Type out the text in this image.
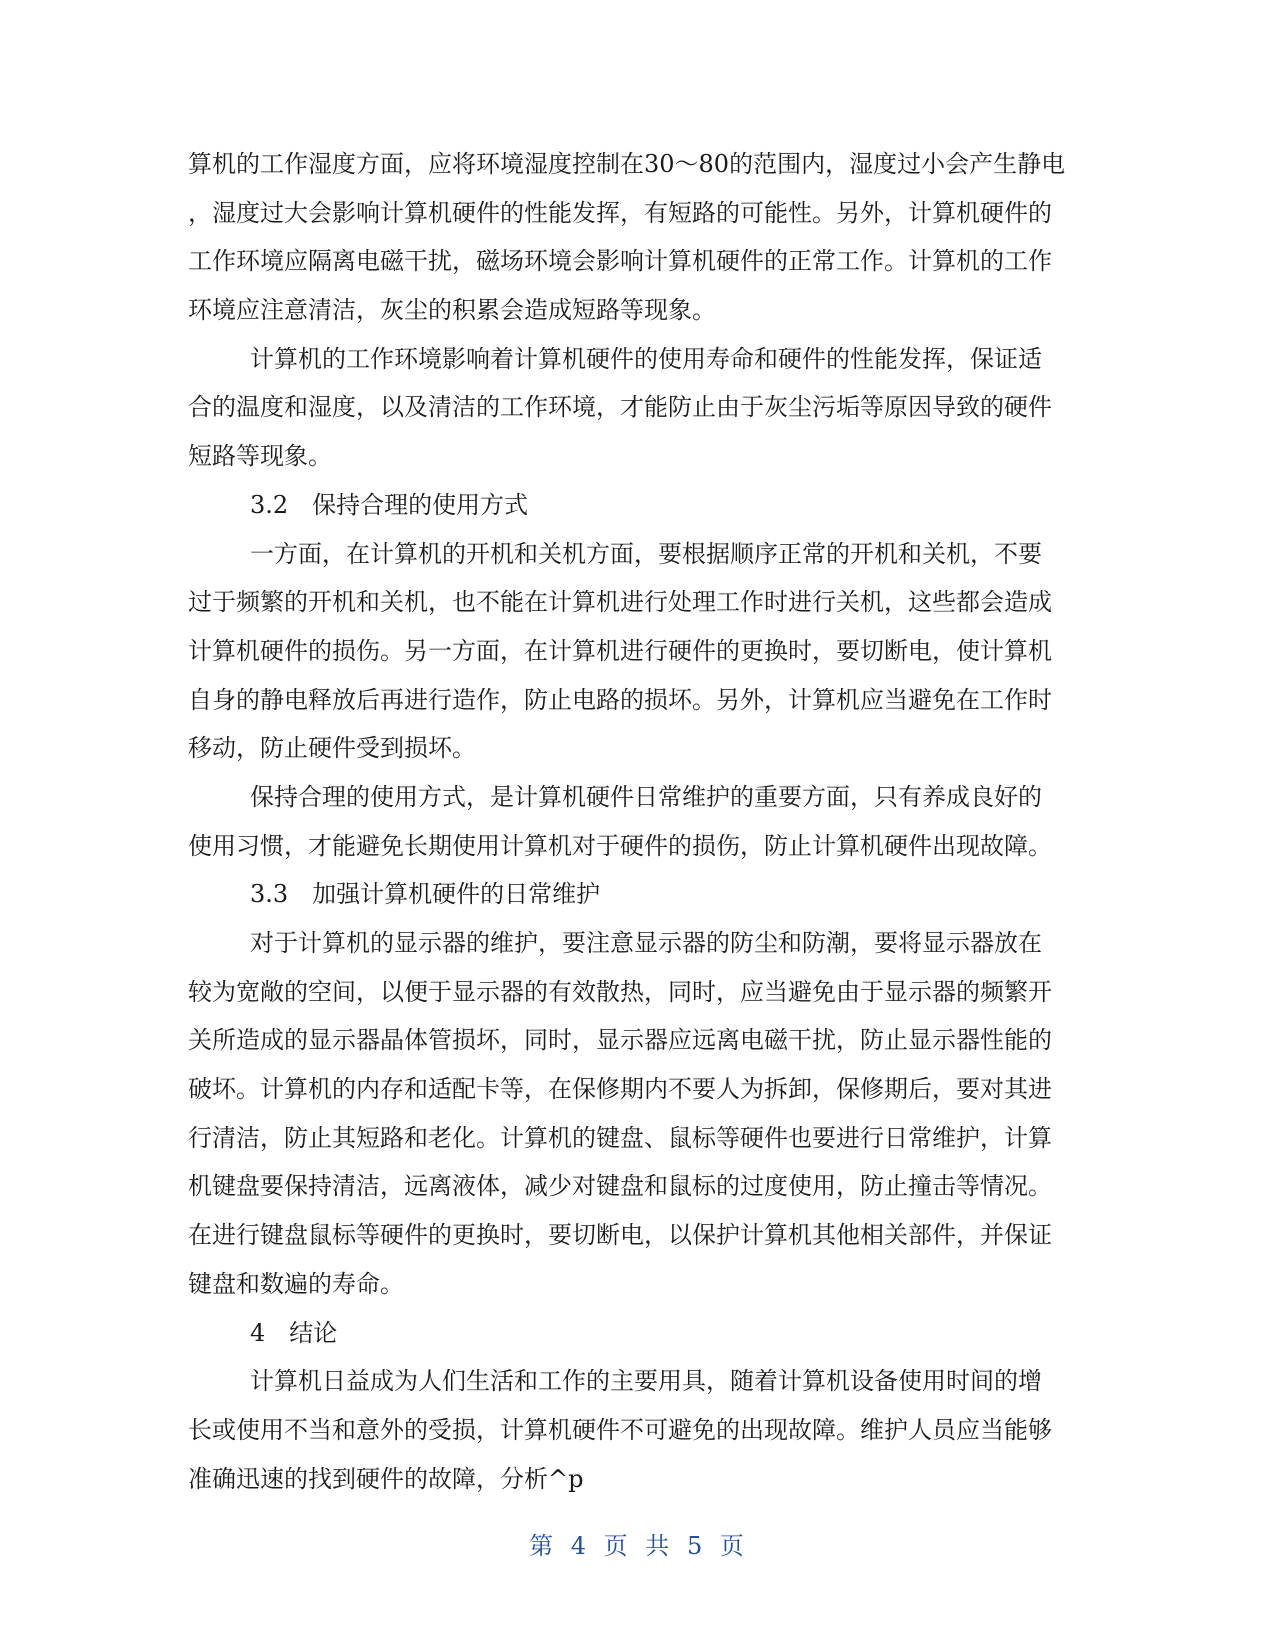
算机的工作湿度方面，应将环境湿度控制在30～80的范围内，湿度过小会产生静电
，湿度过大会影响计算机硬件的性能发挥，有短路的可能性。另外，计算机硬件的
工作环境应隔离电磁干扰，磁场环境会影响计算机硬件的正常工作。计算机的工作
环境应注意清洁，灰尘的积累会造成短路等现象。
计算机的工作环境影响着计算机硬件的使用寿命和硬件的性能发挥，保证适
合的温度和湿度，以及清洁的工作环境，才能防止由于灰尘污垢等原因导致的硬件
短路等现象。
3.2　保持合理的使用方式
一方面，在计算机的开机和关机方面，要根据顺序正常的开机和关机，不要
过于频繁的开机和关机，也不能在计算机进行处理工作时进行关机，这些都会造成
计算机硬件的损伤。另一方面，在计算机进行硬件的更换时，要切断电，使计算机
自身的静电释放后再进行造作，防止电路的损坏。另外，计算机应当避免在工作时
移动，防止硬件受到损坏。
保持合理的使用方式，是计算机硬件日常维护的重要方面，只有养成良好的
使用习惯，才能避免长期使用计算机对于硬件的损伤，防止计算机硬件出现故障。
3.3　加强计算机硬件的日常维护
对于计算机的显示器的维护，要注意显示器的防尘和防潮，要将显示器放在
较为宽敞的空间，以便于显示器的有效散热，同时，应当避免由于显示器的频繁开
关所造成的显示器晶体管损坏，同时，显示器应远离电磁干扰，防止显示器性能的
破坏。计算机的内存和适配卡等，在保修期内不要人为拆卸，保修期后，要对其进
行清洁，防止其短路和老化。计算机的键盘、鼠标等硬件也要进行日常维护，计算
机键盘要保持清洁，远离液体，减少对键盘和鼠标的过度使用，防止撞击等情况。
在进行键盘鼠标等硬件的更换时，要切断电，以保护计算机其他相关部件，并保证
键盘和数遍的寿命。
4　结论
计算机日益成为人们生活和工作的主要用具，随着计算机设备使用时间的增
长或使用不当和意外的受损，计算机硬件不可避免的出现故障。维护人员应当能够
准确迅速的找到硬件的故障，分析^p
第 4 页 共 5 页
